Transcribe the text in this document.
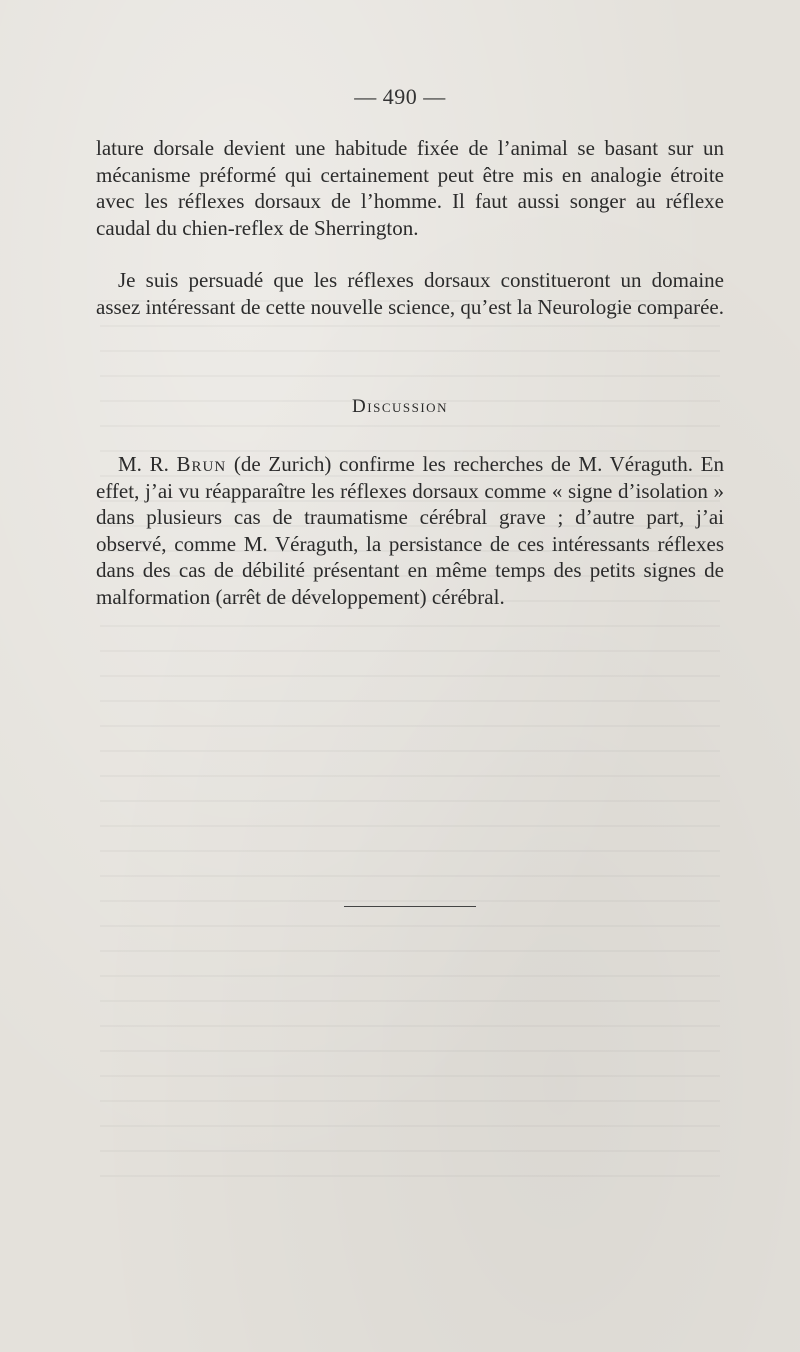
— 490 —

lature dorsale devient une habitude fixée de l’animal se basant sur un mécanisme préformé qui certainement peut être mis en analogie étroite avec les réflexes dorsaux de l’homme. Il faut aussi songer au réflexe caudal du chien-reflex de Sherrington.

Je suis persuadé que les réflexes dorsaux constitueront un domaine assez intéressant de cette nouvelle science, qu’est la Neurologie comparée.

Discussion

M. R. Brun (de Zurich) confirme les recherches de M. Véraguth. En effet, j’ai vu réapparaître les réflexes dorsaux comme « signe d’isolation » dans plusieurs cas de traumatisme cérébral grave ; d’autre part, j’ai observé, comme M. Véraguth, la persistance de ces intéressants réflexes dans des cas de débilité présentant en même temps des petits signes de malformation (arrêt de développement) cérébral.
